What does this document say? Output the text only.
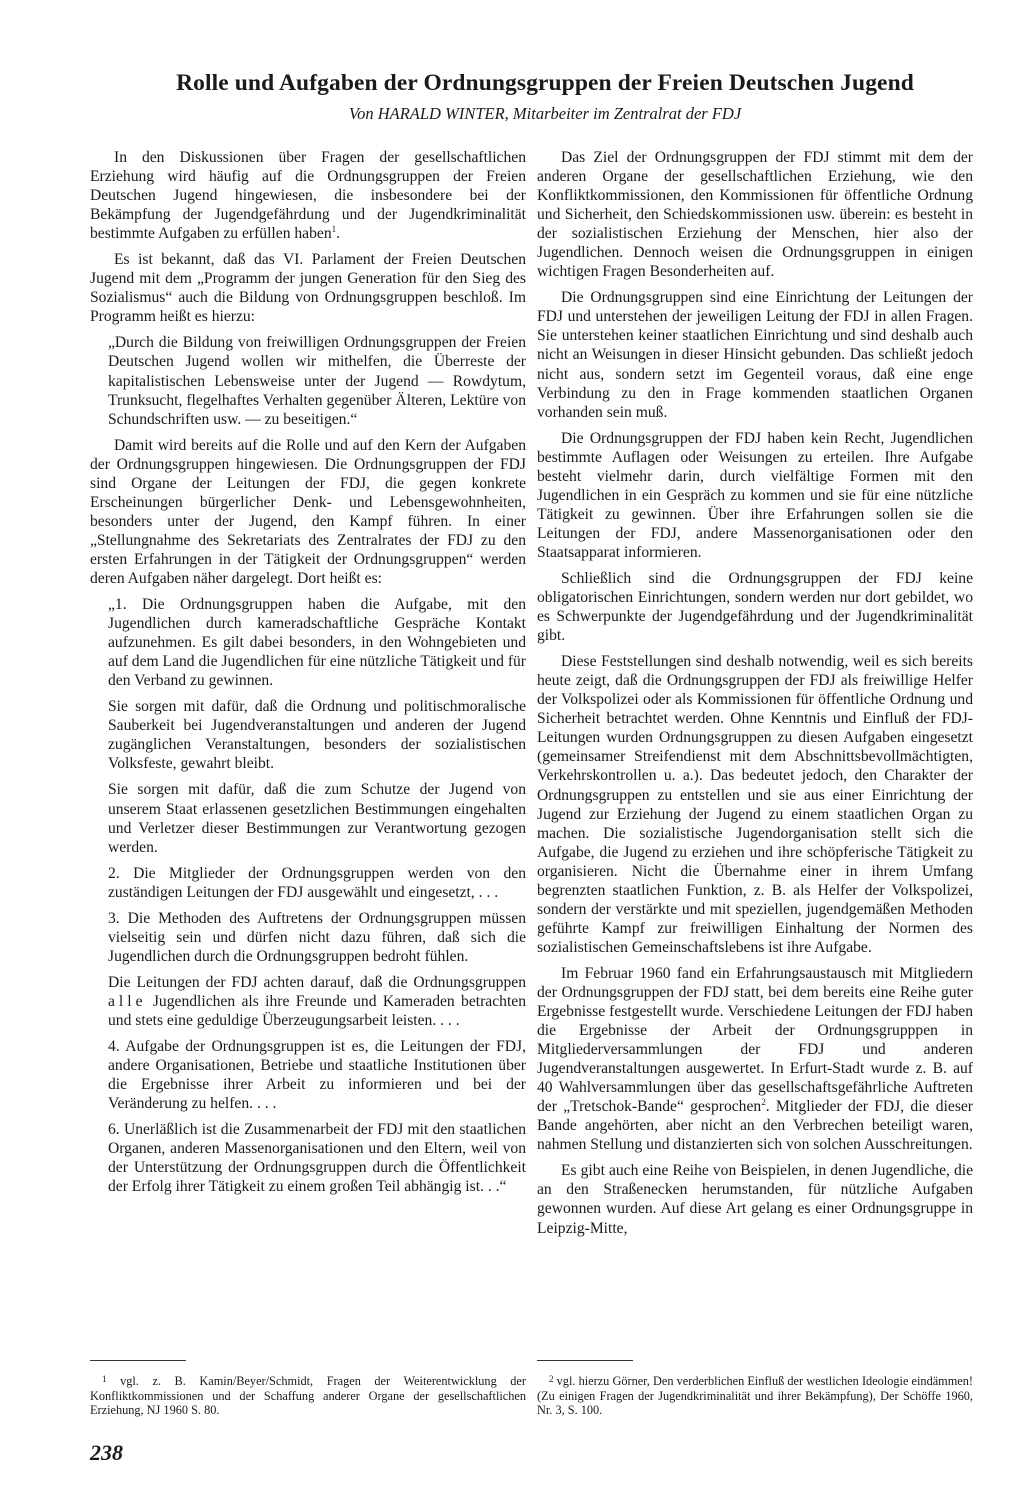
Rolle und Aufgaben der Ordnungsgruppen der Freien Deutschen Jugend

Von HARALD WINTER, Mitarbeiter im Zentralrat der FDJ

In den Diskussionen über Fragen der gesellschaftlichen Erziehung wird häufig auf die Ordnungsgruppen der Freien Deutschen Jugend hingewiesen, die insbesondere bei der Bekämpfung der Jugendgefährdung und der Jugendkriminalität bestimmte Aufgaben zu erfüllen haben$^1$.

Es ist bekannt, daß das VI. Parlament der Freien Deutschen Jugend mit dem „Programm der jungen Generation für den Sieg des Sozialismus“ auch die Bildung von Ordnungsgruppen beschloß. Im Programm heißt es hierzu:

„Durch die Bildung von freiwilligen Ordnungsgruppen der Freien Deutschen Jugend wollen wir mithelfen, die Überreste der kapitalistischen Lebensweise unter der Jugend — Rowdytum, Trunksucht, flegelhaftes Verhalten gegenüber Älteren, Lektüre von Schundschriften usw. — zu beseitigen.“

Damit wird bereits auf die Rolle und auf den Kern der Aufgaben der Ordnungsgruppen hingewiesen. Die Ordnungsgruppen der FDJ sind Organe der Leitungen der FDJ, die gegen konkrete Erscheinungen bürgerlicher Denk- und Lebensgewohnheiten, besonders unter der Jugend, den Kampf führen. In einer „Stellungnahme des Sekretariats des Zentralrates der FDJ zu den ersten Erfahrungen in der Tätigkeit der Ordnungsgruppen“ werden deren Aufgaben näher dargelegt. Dort heißt es:

„1. Die Ordnungsgruppen haben die Aufgabe, mit den Jugendlichen durch kameradschaftliche Gespräche Kontakt aufzunehmen. Es gilt dabei besonders, in den Wohngebieten und auf dem Land die Jugendlichen für eine nützliche Tätigkeit und für den Verband zu gewinnen.

Sie sorgen mit dafür, daß die Ordnung und politischmoralische Sauberkeit bei Jugendveranstaltungen und anderen der Jugend zugänglichen Veranstaltungen, besonders der sozialistischen Volksfeste, gewahrt bleibt.

Sie sorgen mit dafür, daß die zum Schutze der Jugend von unserem Staat erlassenen gesetzlichen Bestimmungen eingehalten und Verletzer dieser Bestimmungen zur Verantwortung gezogen werden.

2. Die Mitglieder der Ordnungsgruppen werden von den zuständigen Leitungen der FDJ ausgewählt und eingesetzt, . . .

3. Die Methoden des Auftretens der Ordnungsgruppen müssen vielseitig sein und dürfen nicht dazu führen, daß sich die Jugendlichen durch die Ordnungsgruppen bedroht fühlen.

Die Leitungen der FDJ achten darauf, daß die Ordnungsgruppen alle Jugendlichen als ihre Freunde und Kameraden betrachten und stets eine geduldige Überzeugungsarbeit leisten. . . .

4. Aufgabe der Ordnungsgruppen ist es, die Leitungen der FDJ, andere Organisationen, Betriebe und staatliche Institutionen über die Ergebnisse ihrer Arbeit zu informieren und bei der Veränderung zu helfen. . . .

6. Unerläßlich ist die Zusammenarbeit der FDJ mit den staatlichen Organen, anderen Massenorganisationen und den Eltern, weil von der Unterstützung der Ordnungsgruppen durch die Öffentlichkeit der Erfolg ihrer Tätigkeit zu einem großen Teil abhängig ist. . .“

Das Ziel der Ordnungsgruppen der FDJ stimmt mit dem der anderen Organe der gesellschaftlichen Erziehung, wie den Konfliktkommissionen, den Kommissionen für öffentliche Ordnung und Sicherheit, den Schiedskommissionen usw. überein: es besteht in der sozialistischen Erziehung der Menschen, hier also der Jugendlichen. Dennoch weisen die Ordnungsgruppen in einigen wichtigen Fragen Besonderheiten auf.

Die Ordnungsgruppen sind eine Einrichtung der Leitungen der FDJ und unterstehen der jeweiligen Leitung der FDJ in allen Fragen. Sie unterstehen keiner staatlichen Einrichtung und sind deshalb auch nicht an Weisungen in dieser Hinsicht gebunden. Das schließt jedoch nicht aus, sondern setzt im Gegenteil voraus, daß eine enge Verbindung zu den in Frage kommenden staatlichen Organen vorhanden sein muß.

Die Ordnungsgruppen der FDJ haben kein Recht, Jugendlichen bestimmte Auflagen oder Weisungen zu erteilen. Ihre Aufgabe besteht vielmehr darin, durch vielfältige Formen mit den Jugendlichen in ein Gespräch zu kommen und sie für eine nützliche Tätigkeit zu gewinnen. Über ihre Erfahrungen sollen sie die Leitungen der FDJ, andere Massenorganisationen oder den Staatsapparat informieren.

Schließlich sind die Ordnungsgruppen der FDJ keine obligatorischen Einrichtungen, sondern werden nur dort gebildet, wo es Schwerpunkte der Jugendgefährdung und der Jugendkriminalität gibt.

Diese Feststellungen sind deshalb notwendig, weil es sich bereits heute zeigt, daß die Ordnungsgruppen der FDJ als freiwillige Helfer der Volkspolizei oder als Kommissionen für öffentliche Ordnung und Sicherheit betrachtet werden. Ohne Kenntnis und Einfluß der FDJ-Leitungen wurden Ordnungsgruppen zu diesen Aufgaben eingesetzt (gemeinsamer Streifendienst mit dem Abschnittsbevollmächtigten, Verkehrskontrollen u. a.). Das bedeutet jedoch, den Charakter der Ordnungsgruppen zu entstellen und sie aus einer Einrichtung der Jugend zur Erziehung der Jugend zu einem staatlichen Organ zu machen. Die sozialistische Jugendorganisation stellt sich die Aufgabe, die Jugend zu erziehen und ihre schöpferische Tätigkeit zu organisieren. Nicht die Übernahme einer in ihrem Umfang begrenzten staatlichen Funktion, z. B. als Helfer der Volkspolizei, sondern der verstärkte und mit speziellen, jugendgemäßen Methoden geführte Kampf zur freiwilligen Einhaltung der Normen des sozialistischen Gemeinschaftslebens ist ihre Aufgabe.

Im Februar 1960 fand ein Erfahrungsaustausch mit Mitgliedern der Ordnungsgruppen der FDJ statt, bei dem bereits eine Reihe guter Ergebnisse festgestellt wurde. Verschiedene Leitungen der FDJ haben die Ergebnisse der Arbeit der Ordnungsgrupppen in Mitgliederversammlungen der FDJ und anderen Jugendveranstaltungen ausgewertet. In Erfurt-Stadt wurde z. B. auf 40 Wahlversammlungen über das gesellschaftsgefährliche Auftreten der „Tretschok-Bande“ gesprochen$^2$. Mitglieder der FDJ, die dieser Bande angehörten, aber nicht an den Verbrechen beteiligt waren, nahmen Stellung und distanzierten sich von solchen Ausschreitungen.

Es gibt auch eine Reihe von Beispielen, in denen Jugendliche, die an den Straßenecken herumstanden, für nützliche Aufgaben gewonnen wurden. Auf diese Art gelang es einer Ordnungsgruppe in Leipzig-Mitte,

$^1$ vgl. z. B. Kamin/Beyer/Schmidt, Fragen der Weiterentwicklung der Konfliktkommissionen und der Schaffung anderer Organe der gesellschaftlichen Erziehung, NJ 1960 S. 80.

$^2$ vgl. hierzu Görner, Den verderblichen Einfluß der westlichen Ideologie eindämmen! (Zu einigen Fragen der Jugendkriminalität und ihrer Bekämpfung), Der Schöffe 1960, Nr. 3, S. 100.

238
